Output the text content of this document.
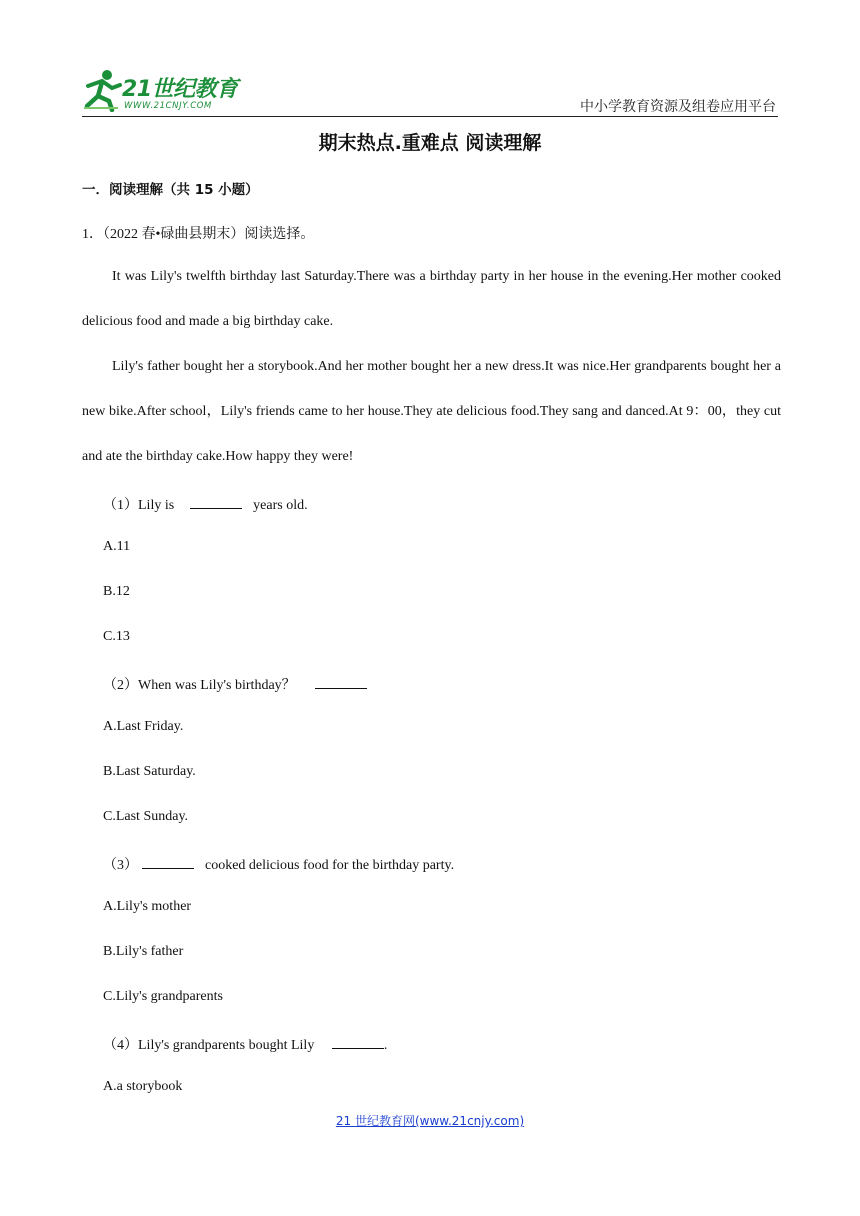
21世纪教育
WWW.21CNJY.COM	中小学教育资源及组卷应用平台
期末热点.重难点 阅读理解
一．阅读理解（共 15 小题）
1．（2022 春•碌曲县期末）阅读选择。
It was Lily's twelfth birthday last Saturday.There was a birthday party in her house in the evening.Her mother cooked delicious food and made a big birthday cake.
Lily's father bought her a storybook.And her mother bought her a new dress.It was nice.Her grandparents bought her a new bike.After school，Lily's friends came to her house.They ate delicious food.They sang and danced.At 9：00，they cut and ate the birthday cake.How happy they were!
（1）Lily is	years old.
A.11
B.12
C.13
（2）When was Lily's birthday？
A.Last Friday.
B.Last Saturday.
C.Last Sunday.
（3）	cooked delicious food for the birthday party.
A.Lily's mother
B.Lily's father
C.Lily's grandparents
（4）Lily's grandparents bought Lily	.
A.a storybook
21 世纪教育网(www.21cnjy.com)
